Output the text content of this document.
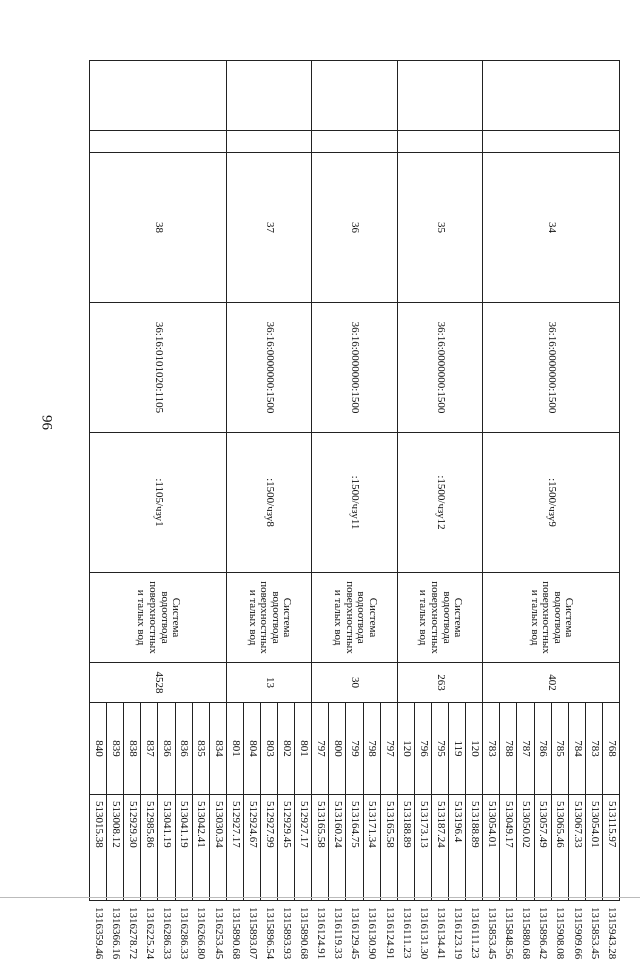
96
		34	36:16:0000000:1500	:1500/чзу9	Система водоотвода поверхностных и талых вод	402	768	513115.97	1315943.28
							783	513054.01	1315853.45
							784	513067.33	1315909.66
							785	513065.46	1315908.08
							786	513057.49	1315896.42
							787	513050.02	1315880.68
							788	513049.17	1315848.56
							783	513054.01	1315853.45
		35	36:16:0000000:1500	:1500/чзу12	Система водоотвода поверхностных и талых вод	263	120	513188.89	1316111.23
							119	513196.4	1316123.19
							795	513187.24	1316134.41
							796	513173.13	1316131.30
							120	513188.89	1316111.23
		36	36:16:0000000:1500	:1500/чзу11	Система водоотвода поверхностных и талых вод	30	797	513165.58	1316124.91
							798	513171.34	1316130.90
							799	513164.75	1316129.45
							800	513160.24	1316119.33
							797	513165.58	1316124.91
		37	36:16:0000000:1500	:1500/чзу8	Система водоотвода поверхностных и талых вод	13	801	512927.17	1315890.68
							802	512929.45	1315893.93
							803	512927.99	1315896.54
							804	512924.67	1315893.07
							801	512927.17	1315890.68
		38	36:16:0101020:1105	:1105/чзу1	Система водоотвода поверхностных и талых вод	4528	834	513030.34	1316253.45
							835	513042.41	1316266.80
							836	513041.19	1316286.33
							836	513041.19	1316286.33
							837	512985.86	1316225.24
							838	512929.30	1316278.72
							839	513008.12	1316366.16
							840	513015.38	1316359.46
